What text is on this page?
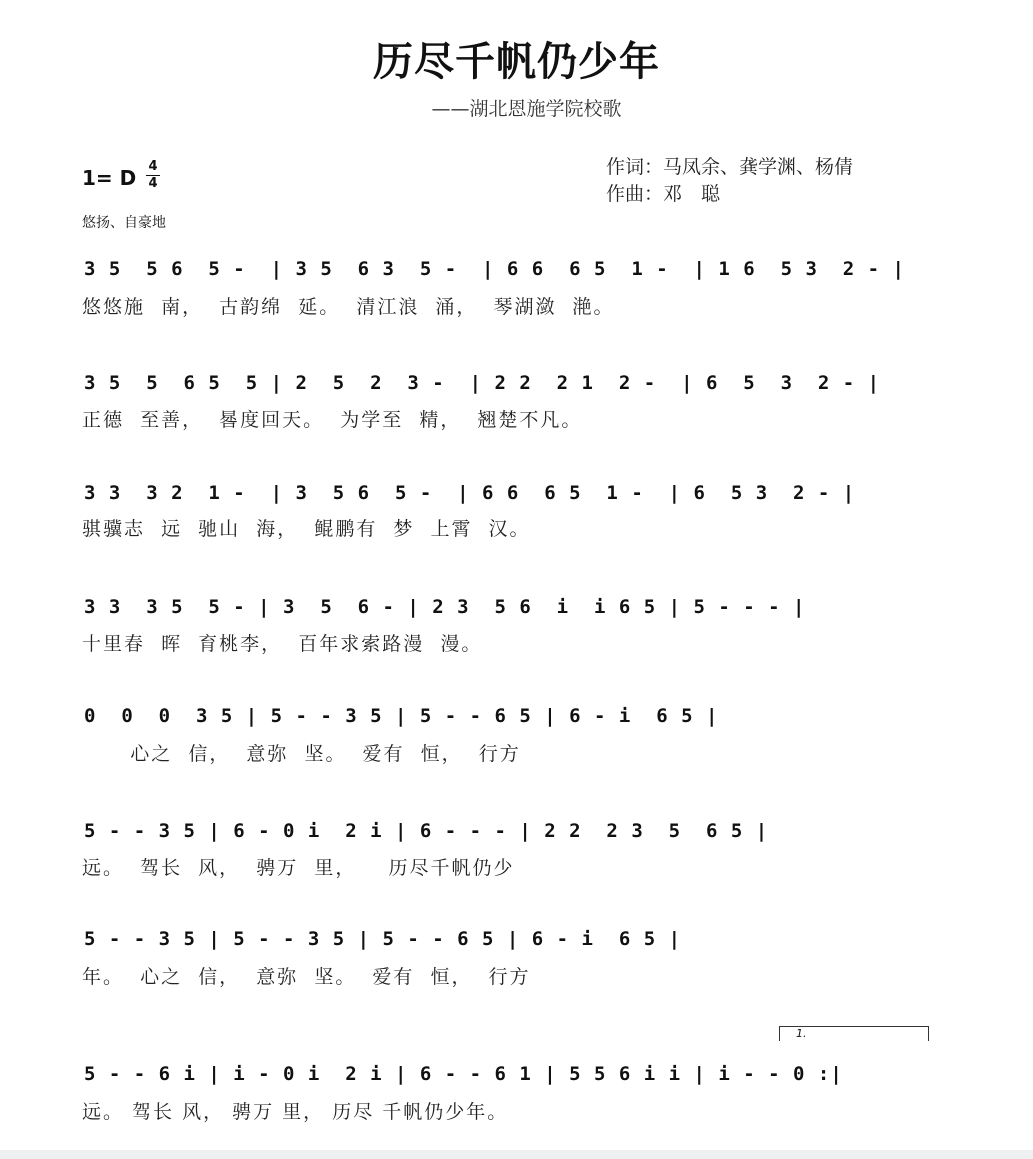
历尽千帆仍少年
——湖北恩施学院校歌
1= D 4
4
悠扬、自豪地
作词：马凤余、龚学渊、杨倩
作曲：邓　聪
3 5  5 6  5 -  | 3 5  6 3  5 -  | 6 6  6 5  1 -  | 1 6  5 3  2 - |
悠悠施  南，  古韵绵  延。  清江浪  涌，  琴湖潋  滟。
3 5  5  6 5  5 | 2  5  2  3 -  | 2 2  2 1  2 -  | 6  5  3  2 - |
正德  至善，  晷度回天。  为学至  精，  翘楚不凡。
3 3  3 2  1 -  | 3  5 6  5 -  | 6 6  6 5  1 -  | 6  5 3  2 - |
骐骥志  远  驰山  海，  鲲鹏有  梦  上霄  汉。
3 3  3 5  5 - | 3  5  6 - | 2 3  5 6  i  i 6 5 | 5 - - - |
十里春  晖  育桃李，  百年求索路漫  漫。
0  0  0  3 5 | 5 - - 3 5 | 5 - - 6 5 | 6 - i  6 5 |
心之  信，  意弥  坚。  爱有  恒，  行方
5 - - 3 5 | 6 - 0 i  2 i | 6 - - - | 2 2  2 3  5  6 5 |
远。  驾长  风，  骋万  里，    历尽千帆仍少
5 - - 3 5 | 5 - - 3 5 | 5 - - 6 5 | 6 - i  6 5 |
年。  心之  信，  意弥  坚。  爱有  恒，  行方
1.
5 - - 6 i | i - 0 i  2 i | 6 - - 6 1 | 5 5 6 i i | i - - 0 :|
远。 驾长 风， 骋万 里， 历尽 千帆仍少年。
